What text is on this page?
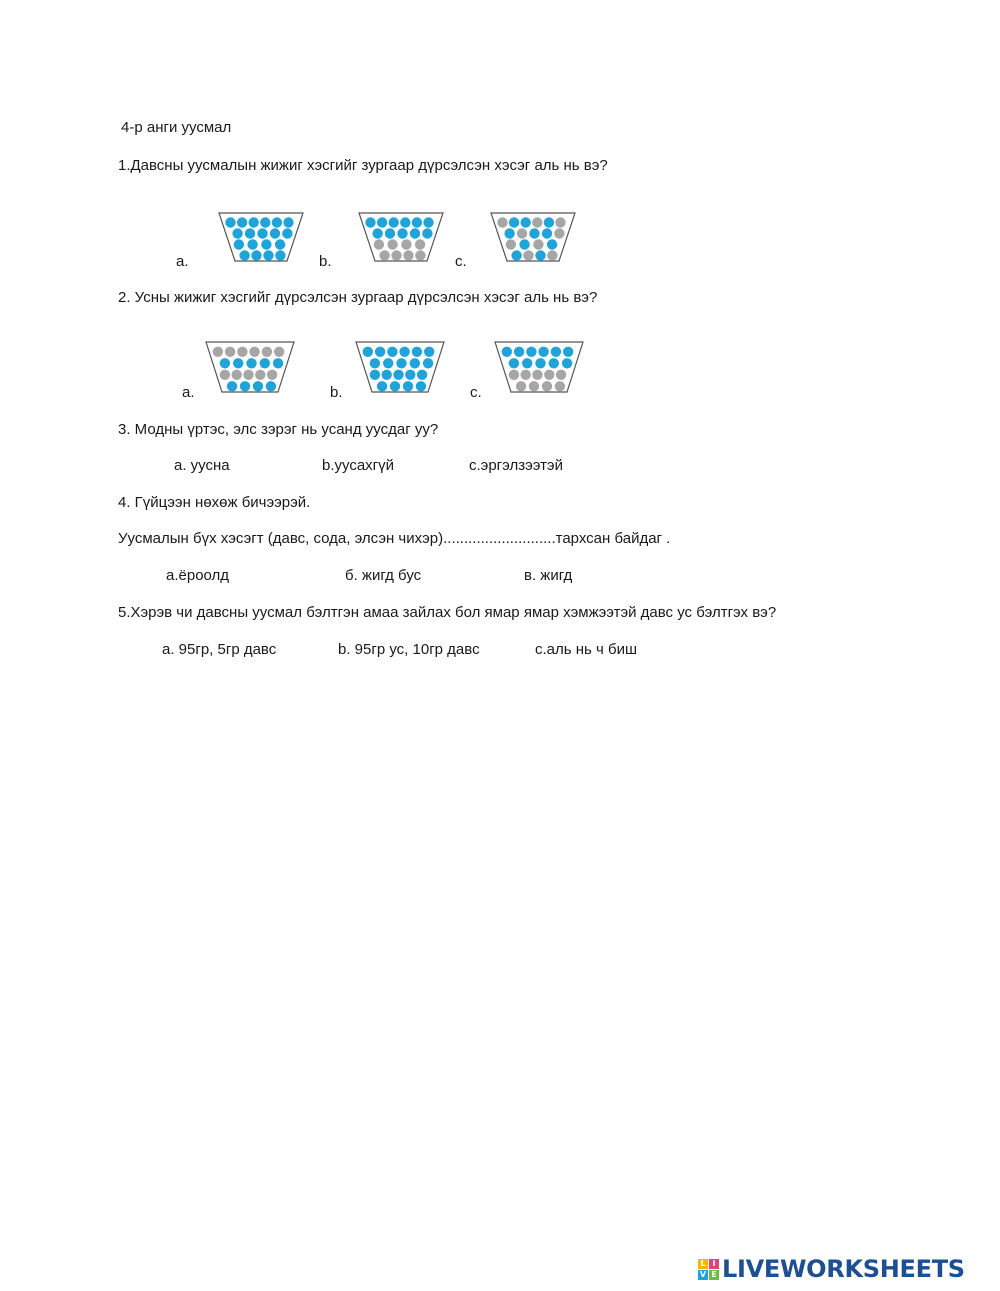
4-р анги уусмал
1.Давсны уусмалын жижиг хэсгийг зургаар дүрсэлсэн хэсэг аль нь вэ?
a.	b.	c.
2. Усны жижиг хэсгийг дүрсэлсэн зургаар дүрсэлсэн хэсэг аль нь вэ?
a.	b.	c.
3. Модны үртэс, элс зэрэг нь усанд уусдаг уу?
a. уусна	b.уусахгүй	c.эргэлзээтэй
4. Гүйцээн нөхөж бичээрэй.
Уусмалын бүх хэсэгт (давс, сода, элсэн чихэр)...........................тархсан байдаг .
а.ёроолд	б. жигд бус	в. жигд
5.Хэрэв чи давсны уусмал бэлтгэн амаа зайлах бол ямар ямар хэмжээтэй давс ус бэлтгэх вэ?
a. 95гр, 5гр давс	b. 95гр ус, 10гр давс	c.аль нь ч биш
L I
V E LIVEWORKSHEETS
